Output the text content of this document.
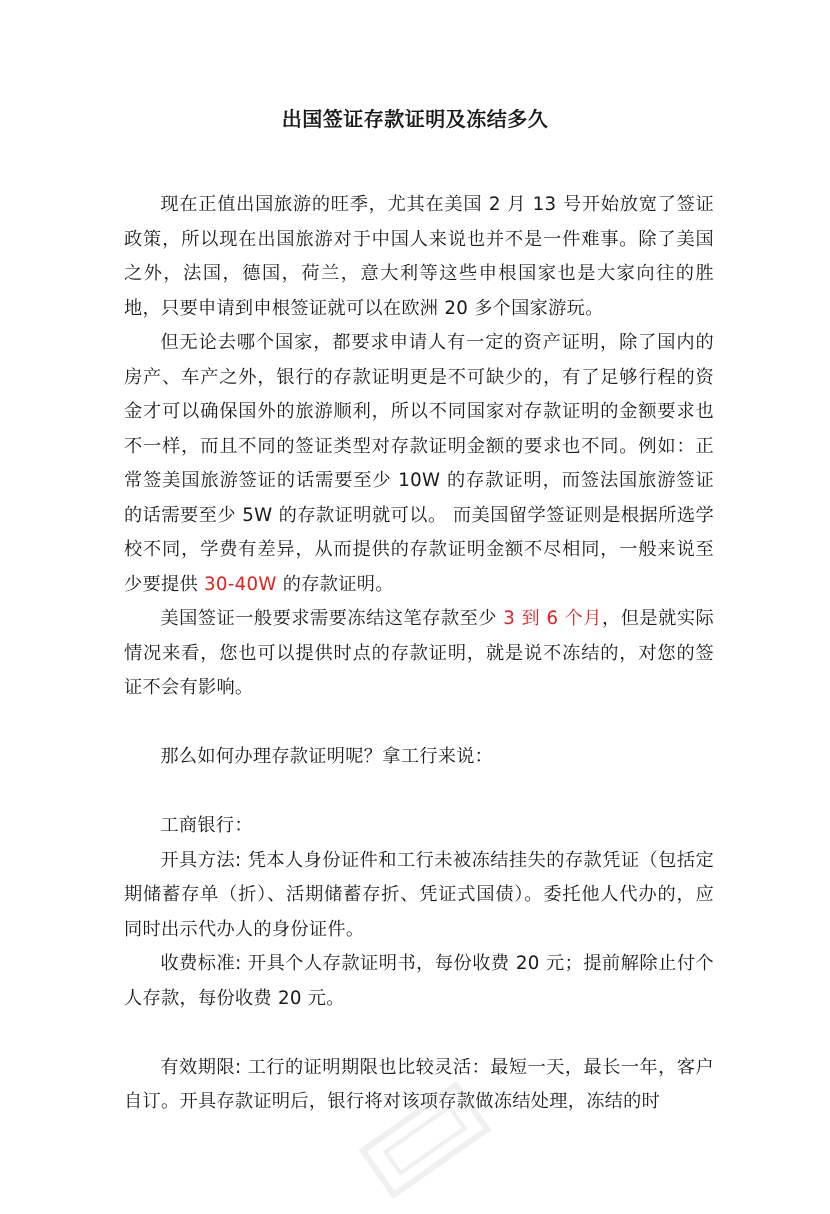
出国签证存款证明及冻结多久

现在正值出国旅游的旺季，尤其在美国 2 月 13 号开始放宽了签证政策，所以现在出国旅游对于中国人来说也并不是一件难事。除了美国之外，法国，德国，荷兰，意大利等这些申根国家也是大家向往的胜地，只要申请到申根签证就可以在欧洲 20 多个国家游玩。

但无论去哪个国家，都要求申请人有一定的资产证明，除了国内的房产、车产之外，银行的存款证明更是不可缺少的，有了足够行程的资金才可以确保国外的旅游顺利，所以不同国家对存款证明的金额要求也不一样，而且不同的签证类型对存款证明金额的要求也不同。例如：正常签美国旅游签证的话需要至少 10W 的存款证明，而签法国旅游签证的话需要至少 5W 的存款证明就可以。 而美国留学签证则是根据所选学校不同，学费有差异，从而提供的存款证明金额不尽相同，一般来说至少要提供 30-40W 的存款证明。

美国签证一般要求需要冻结这笔存款至少 3 到 6 个月，但是就实际情况来看，您也可以提供时点的存款证明，就是说不冻结的，对您的签证不会有影响。

那么如何办理存款证明呢？拿工行来说：

工商银行：

开具方法: 凭本人身份证件和工行未被冻结挂失的存款凭证（包括定期储蓄存单（折）、活期储蓄存折、凭证式国债）。委托他人代办的，应同时出示代办人的身份证件。

收费标准: 开具个人存款证明书，每份收费 20 元；提前解除止付个人存款，每份收费 20 元。

有效期限: 工行的证明期限也比较灵活：最短一天，最长一年，客户自订。开具存款证明后，银行将对该项存款做冻结处理，冻结的时
